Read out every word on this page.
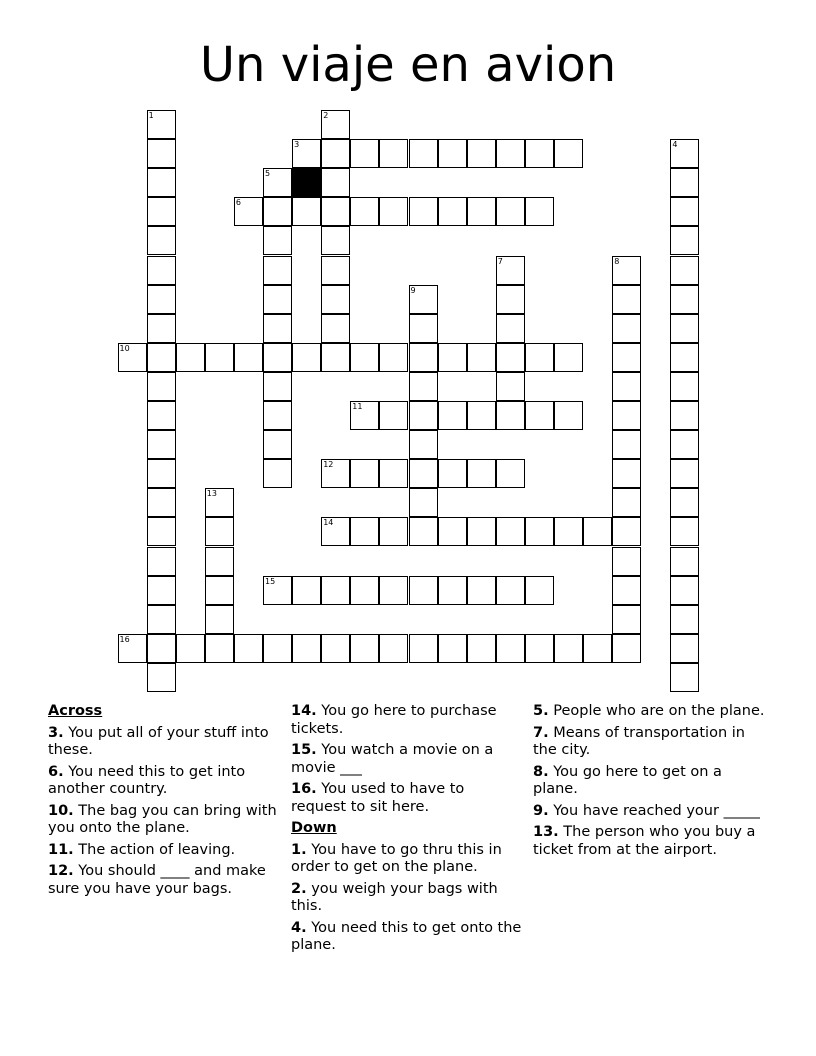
Un viaje en avion
1	2
3	4
5
6
7	8
9
10
11
12
13
14
15
16
Across
3. You put all of your stuff into these.
6. You need this to get into another country.
10. The bag you can bring with you onto the plane.
11. The action of leaving.
12. You should ____ and make sure you have your bags.
14. You go here to purchase tickets.
15. You watch a movie on a movie ___
16. You used to have to request to sit here.
Down
1. You have to go thru this in order to get on the plane.
2. you weigh your bags with this.
4. You need this to get onto the plane.
5. People who are on the plane.
7. Means of transportation in the city.
8. You go here to get on a plane.
9. You have reached your _____
13. The person who you buy a ticket from at the airport.
